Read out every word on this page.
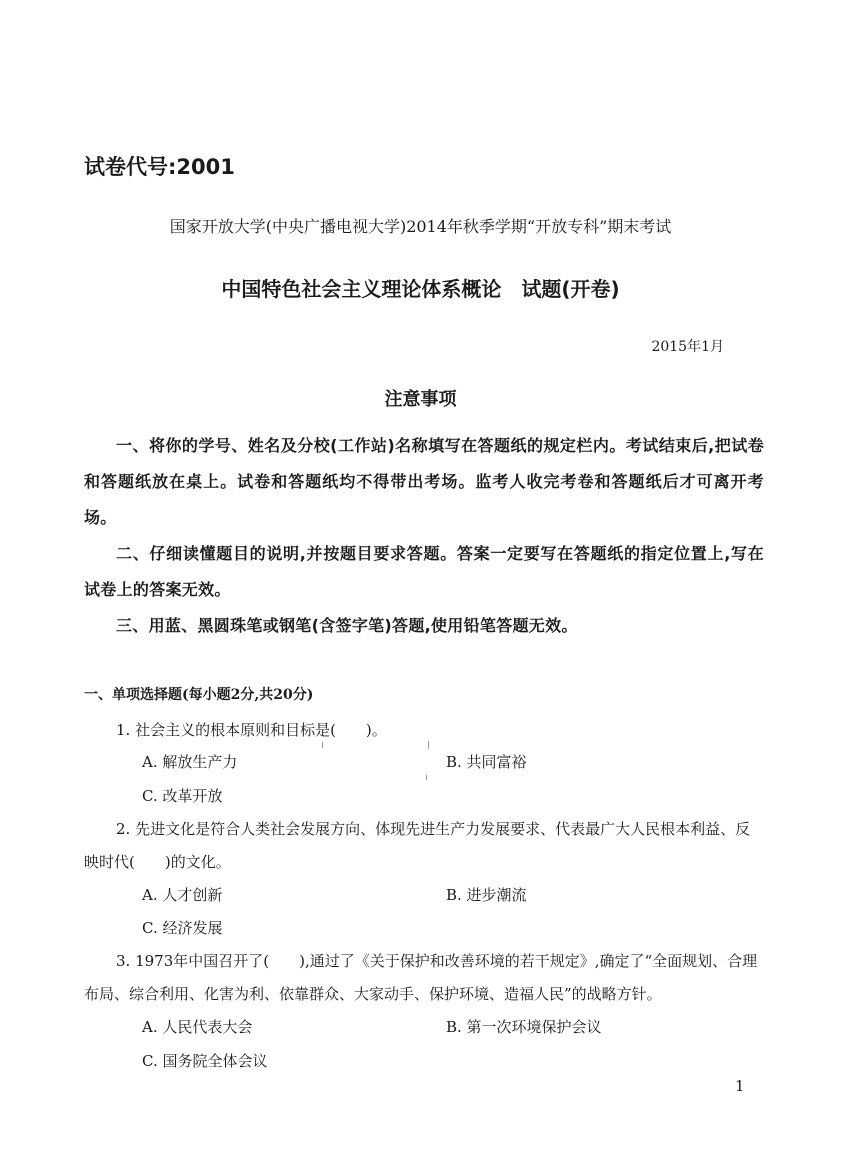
试卷代号:2001
国家开放大学(中央广播电视大学)2014年秋季学期“开放专科”期末考试
中国特色社会主义理论体系概论　试题(开卷)
2015年1月
注意事项
一、将你的学号、姓名及分校(工作站)名称填写在答题纸的规定栏内。考试结束后,把试卷和答题纸放在桌上。试卷和答题纸均不得带出考场。监考人收完考卷和答题纸后才可离开考场。
二、仔细读懂题目的说明,并按题目要求答题。答案一定要写在答题纸的指定位置上,写在试卷上的答案无效。
三、用蓝、黑圆珠笔或钢笔(含签字笔)答题,使用铅笔答题无效。
一、单项选择题(每小题2分,共20分)
1. 社会主义的根本原则和目标是(　　)。
A. 解放生产力	B. 共同富裕
C. 改革开放
2. 先进文化是符合人类社会发展方向、体现先进生产力发展要求、代表最广大人民根本利益、反映时代(　　)的文化。
A. 人才创新	B. 进步潮流
C. 经济发展
3. 1973年中国召开了(　　),通过了《关于保护和改善环境的若干规定》,确定了“全面规划、合理布局、综合利用、化害为利、依靠群众、大家动手、保护环境、造福人民”的战略方针。
A. 人民代表大会	B. 第一次环境保护会议
C. 国务院全体会议
1
